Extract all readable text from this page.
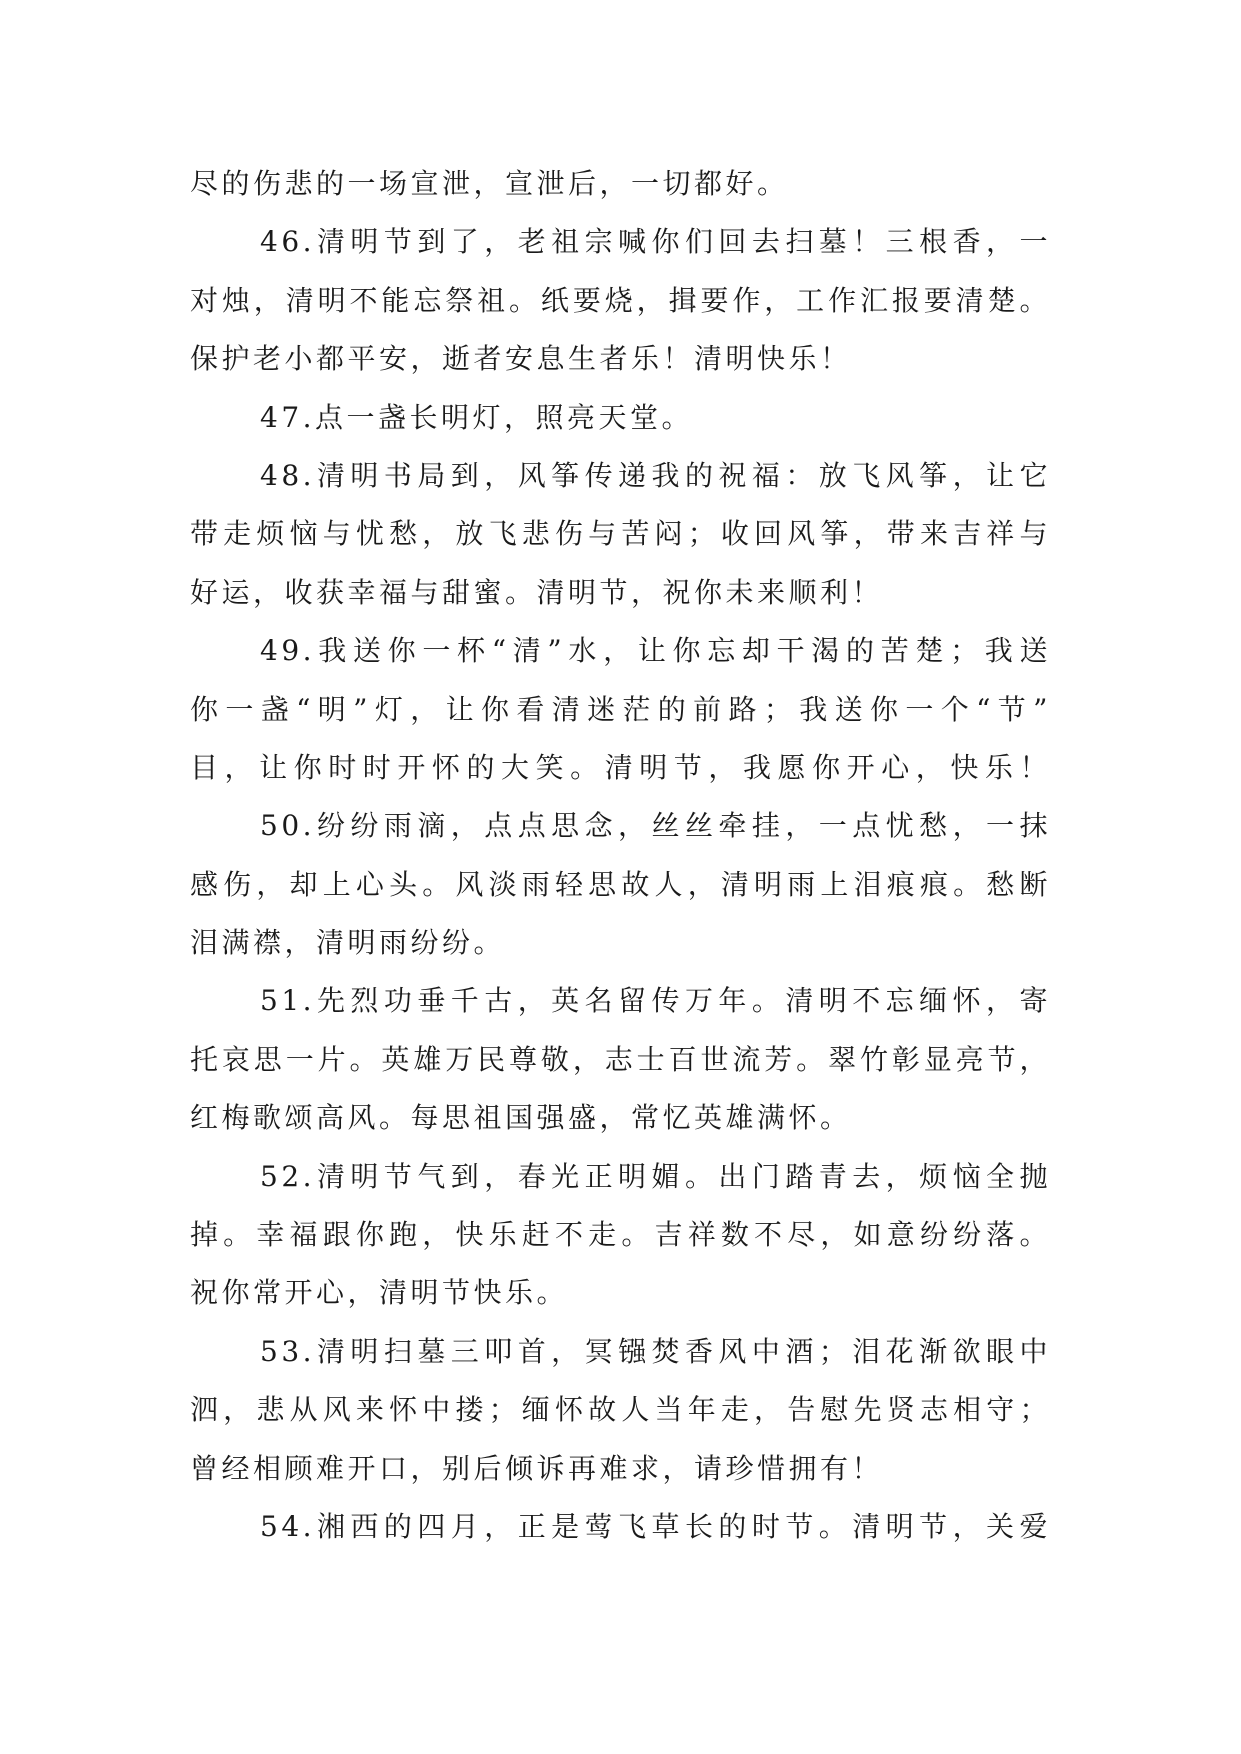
尽的伤悲的一场宣泄，宣泄后，一切都好。
46.清明节到了，老祖宗喊你们回去扫墓！三根香，一
对烛，清明不能忘祭祖。纸要烧，揖要作，工作汇报要清楚。
保护老小都平安，逝者安息生者乐！清明快乐！
47.点一盏长明灯，照亮天堂。
48.清明书局到，风筝传递我的祝福：放飞风筝，让它
带走烦恼与忧愁，放飞悲伤与苦闷；收回风筝，带来吉祥与
好运，收获幸福与甜蜜。清明节，祝你未来顺利！
49.我送你一杯“清”水，让你忘却干渴的苦楚；我送
你一盏“明”灯，让你看清迷茫的前路；我送你一个“节”
目，让你时时开怀的大笑。清明节，我愿你开心，快乐！
50.纷纷雨滴，点点思念，丝丝牵挂，一点忧愁，一抹
感伤，却上心头。风淡雨轻思故人，清明雨上泪痕痕。愁断
泪满襟，清明雨纷纷。
51.先烈功垂千古，英名留传万年。清明不忘缅怀，寄
托哀思一片。英雄万民尊敬，志士百世流芳。翠竹彰显亮节，
红梅歌颂高风。每思祖国强盛，常忆英雄满怀。
52.清明节气到，春光正明媚。出门踏青去，烦恼全抛
掉。幸福跟你跑，快乐赶不走。吉祥数不尽，如意纷纷落。
祝你常开心，清明节快乐。
53.清明扫墓三叩首，冥镪焚香风中酒；泪花渐欲眼中
泗，悲从风来怀中搂；缅怀故人当年走，告慰先贤志相守；
曾经相顾难开口，别后倾诉再难求，请珍惜拥有！
54.湘西的四月，正是莺飞草长的时节。清明节，关爱
